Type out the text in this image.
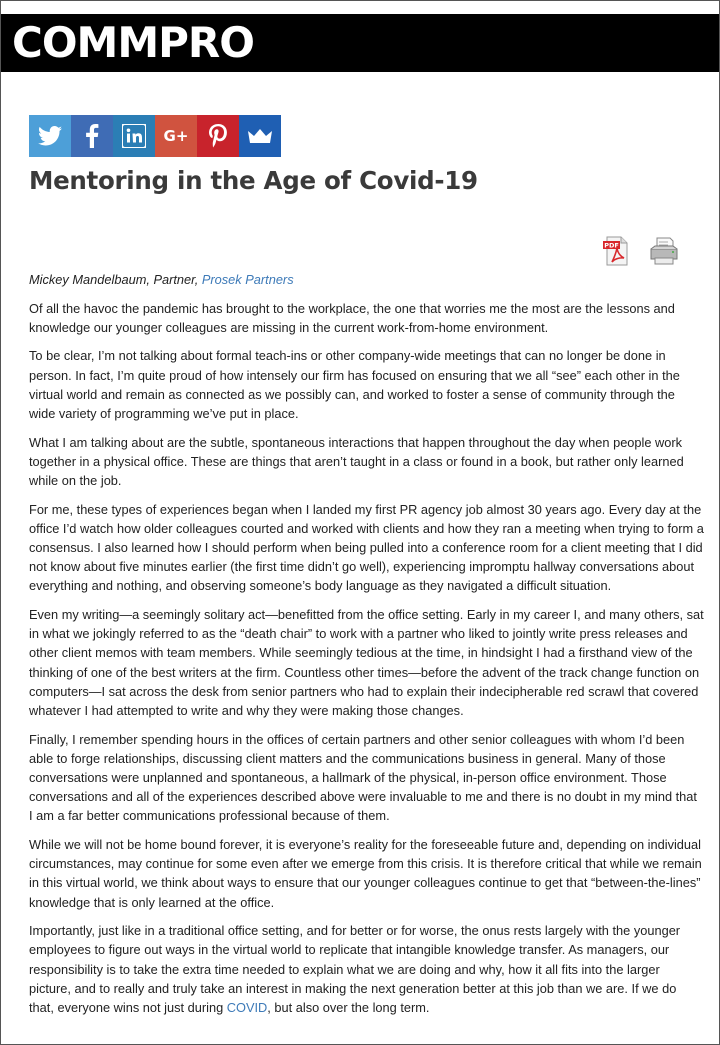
COMMPRO
G+
Mentoring in the Age of Covid-19
PDF

Mickey Mandelbaum, Partner, Prosek Partners

Of all the havoc the pandemic has brought to the workplace, the one that worries me the most are the lessons and knowledge our younger colleagues are missing in the current work-from-home environment.

To be clear, I’m not talking about formal teach-ins or other company-wide meetings that can no longer be done in person. In fact, I’m quite proud of how intensely our firm has focused on ensuring that we all “see” each other in the virtual world and remain as connected as we possibly can, and worked to foster a sense of community through the wide variety of programming we’ve put in place.

What I am talking about are the subtle, spontaneous interactions that happen throughout the day when people work together in a physical office. These are things that aren’t taught in a class or found in a book, but rather only learned while on the job.

For me, these types of experiences began when I landed my first PR agency job almost 30 years ago. Every day at the office I’d watch how older colleagues courted and worked with clients and how they ran a meeting when trying to form a consensus. I also learned how I should perform when being pulled into a conference room for a client meeting that I did not know about five minutes earlier (the first time didn’t go well), experiencing impromptu hallway conversations about everything and nothing, and observing someone’s body language as they navigated a difficult situation.

Even my writing—a seemingly solitary act—benefitted from the office setting. Early in my career I, and many others, sat in what we jokingly referred to as the “death chair” to work with a partner who liked to jointly write press releases and other client memos with team members. While seemingly tedious at the time, in hindsight I had a firsthand view of the thinking of one of the best writers at the firm. Countless other times—before the advent of the track change function on computers—I sat across the desk from senior partners who had to explain their indecipherable red scrawl that covered whatever I had attempted to write and why they were making those changes.

Finally, I remember spending hours in the offices of certain partners and other senior colleagues with whom I’d been able to forge relationships, discussing client matters and the communications business in general. Many of those conversations were unplanned and spontaneous, a hallmark of the physical, in-person office environment. Those conversations and all of the experiences described above were invaluable to me and there is no doubt in my mind that I am a far better communications professional because of them.

While we will not be home bound forever, it is everyone’s reality for the foreseeable future and, depending on individual circumstances, may continue for some even after we emerge from this crisis. It is therefore critical that while we remain in this virtual world, we think about ways to ensure that our younger colleagues continue to get that “between-the-lines” knowledge that is only learned at the office.

Importantly, just like in a traditional office setting, and for better or for worse, the onus rests largely with the younger employees to figure out ways in the virtual world to replicate that intangible knowledge transfer. As managers, our responsibility is to take the extra time needed to explain what we are doing and why, how it all fits into the larger picture, and to really and truly take an interest in making the next generation better at this job than we are. If we do that, everyone wins not just during COVID, but also over the long term.
